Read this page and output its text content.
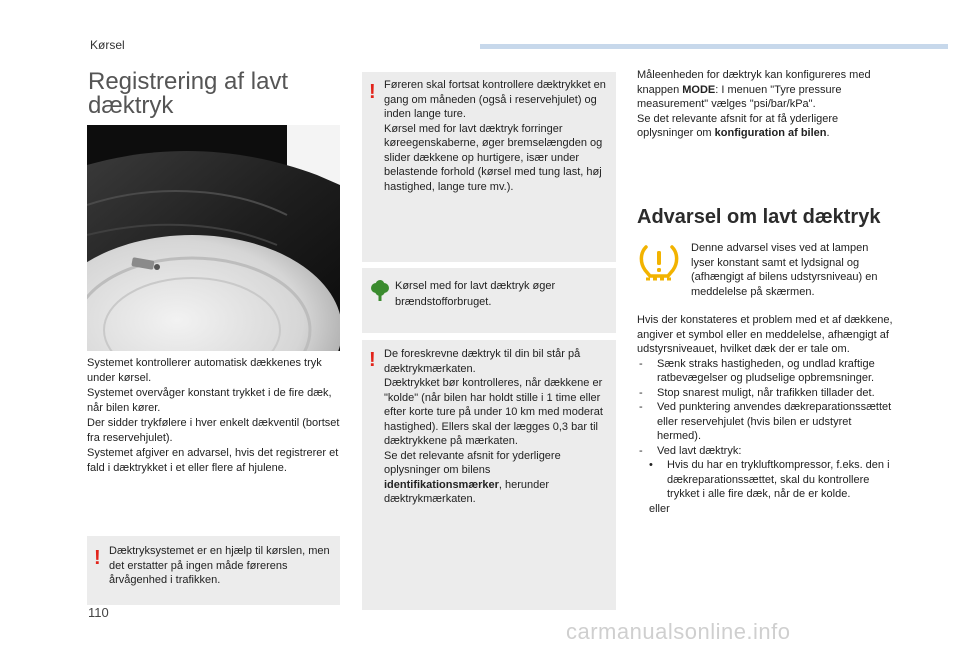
Kørsel
Registrering af lavt dæktryk
Systemet kontrollerer automatisk dækkenes tryk under kørsel.
Systemet overvåger konstant trykket i de fire dæk, når bilen kører.
Der sidder trykfølere i hver enkelt dækventil (bortset fra reservehjulet).
Systemet afgiver en advarsel, hvis det registrerer et fald i dæktrykket i et eller flere af hjulene.
! Dæktryksystemet er en hjælp til kørslen, men det erstatter på ingen måde førerens årvågenhed i trafikken.
! Føreren skal fortsat kontrollere dæktrykket en gang om måneden (også i reservehjulet) og inden lange ture.
Kørsel med for lavt dæktryk forringer køreegenskaberne, øger bremselængden og slider dækkene op hurtigere, især under belastende forhold (kørsel med tung last, høj hastighed, lange ture mv.).
Kørsel med for lavt dæktryk øger brændstofforbruget.
! De foreskrevne dæktryk til din bil står på dæktrykmærkaten.
Dæktrykket bør kontrolleres, når dækkene er "kolde" (når bilen har holdt stille i 1 time eller efter korte ture på under 10 km med moderat hastighed). Ellers skal der lægges 0,3 bar til dæktrykkene på mærkaten.
Se det relevante afsnit for yderligere oplysninger om bilens identifikationsmærker, herunder dæktrykmærkaten.
Måleenheden for dæktryk kan konfigureres med knappen MODE: I menuen "Tyre pressure measurement" vælges "psi/bar/kPa".
Se det relevante afsnit for at få yderligere oplysninger om konfiguration af bilen.
Advarsel om lavt dæktryk
Denne advarsel vises ved at lampen lyser konstant samt et lydsignal og (afhængigt af bilens udstyrsniveau) en meddelelse på skærmen.
Hvis der konstateres et problem med et af dækkene, angiver et symbol eller en meddelelse, afhængigt af udstyrsniveauet, hvilket dæk der er tale om.
- Sænk straks hastigheden, og undlad kraftige ratbevægelser og pludselige opbremsninger.
- Stop snarest muligt, når trafikken tillader det.
- Ved punktering anvendes dækreparationssættet eller reservehjulet (hvis bilen er udstyret hermed).
- Ved lavt dæktryk:
• Hvis du har en trykluftkompressor, f.eks. den i dækreparationssættet, skal du kontrollere trykket i alle fire dæk, når de er kolde.
eller
110
carmanualsonline.info
